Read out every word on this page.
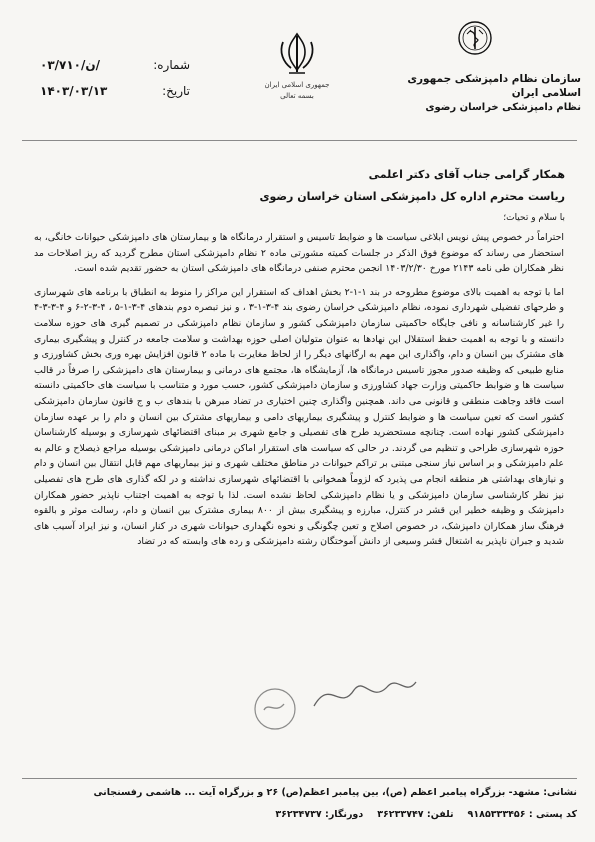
سازمان نظام دامپزشکی جمهوری اسلامی ایران
نظام دامپزشکی خراسان رضوی
جمهوری اسلامی ایران
بسمه تعالی
شماره:
۰۳/۷۱۰/ن/
تاریخ:
۱۴۰۳/۰۳/۱۳
همکار گرامی جناب آقای دکتر اعلمی
ریاست محترم اداره کل دامپزشکی استان خراسان رضوی
با سلام و تحیات؛

احتراماً در خصوص پیش نویس ابلاغی سیاست ها و ضوابط تاسیس و استقرار درمانگاه ها و بیمارستان های دامپزشکی حیوانات خانگی، به استحضار می رساند که موضوع فوق الذکر در جلسات کمیته مشورتی ماده ۲ نظام دامپزشکی استان مطرح گردید که ریز اصلاحات مد نظر همکاران طی نامه ۲۱۴۳ مورخ ۱۴۰۳/۲/۳۰ انجمن محترم صنفی درمانگاه های دامپزشکی استان به حضور تقدیم شده است.

اما با توجه به اهمیت بالای موضوع مطروحه در بند ۱-۱-۲ بخش اهداف که استقرار این مراکز را منوط به انطباق با برنامه های شهرسازی و طرحهای تفضیلی شهرداری نموده، نظام دامپزشکی خراسان رضوی بند ۴-۳-۱-۳ ، و نیز تبصره دوم بندهای ۴-۳-۱-۵ ، ۴-۳-۲-۶ و ۴-۳-۳-۴ را غیر کارشناسانه و نافی جایگاه حاکمیتی سازمان دامپزشکی کشور و سازمان نظام دامپزشکی در تصمیم گیری های حوزه سلامت دانسته و با توجه به اهمیت حفظ استقلال این نهادها به عنوان متولیان اصلی حوزه بهداشت و سلامت جامعه در کنترل و پیشگیری بیماری های مشترک بین انسان و دام، واگذاری این مهم به ارگانهای دیگر را از لحاظ مغایرت با ماده ۲ قانون افزایش بهره وری بخش کشاورزی و منابع طبیعی که وظیفه صدور مجوز تاسیس درمانگاه ها، آزمایشگاه ها، مجتمع های درمانی و بیمارستان های دامپزشکی را صرفاً در قالب سیاست ها و ضوابط حاکمیتی وزارت جهاد کشاورزی و سازمان دامپزشکی کشور، حسب مورد و متناسب با سیاست های حاکمیتی دانسته است فاقد وجاهت منطقی و قانونی می داند. همچنین واگذاری چنین اختیاری در تضاد مبرهن با بندهای ب و ج قانون سازمان دامپزشکی کشور است که تعین سیاست ها و ضوابط کنترل و پیشگیری بیماریهای دامی و بیماریهای مشترک بین انسان و دام را بر عهده سازمان دامپزشکی کشور نهاده است. چنانچه مستحضرید طرح های تفصیلی و جامع شهری بر مبنای اقتضائهای شهرسازی و بوسیله کارشناسان حوزه شهرسازی طراحی و تنظیم می گردند. در حالی که سیاست های استقرار اماکن درمانی دامپزشکی بوسیله مراجع ذیصلاح و عالم به علم دامپزشکی و بر اساس نیاز سنجی مبتنی بر تراکم حیوانات در مناطق مختلف شهری و نیز بیماریهای مهم قابل انتقال بین انسان و دام و نیازهای بهداشتی هر منطقه انجام می پذیرد که لزوماً همخوانی با اقتضائهای شهرسازی نداشته و در لکه گذاری های طرح های تفصیلی نیز نظر کارشناسی سازمان دامپزشکی و یا نظام دامپزشکی لحاظ نشده است. لذا با توجه به اهمیت اجتناب ناپذیر حضور همکاران دامپزشک و وظیفه خطیر این قشر در کنترل، مبارزه و پیشگیری بیش از ۸۰۰ بیماری مشترک بین انسان و دام، رسالت موثر و بالقوه فرهنگ ساز همکاران دامپزشک، در خصوص اصلاح و تعین چگونگی و نحوه نگهداری حیوانات شهری در کنار انسان، و نیز ایراد آسیب های شدید و جبران ناپذیر به اشتغال قشر وسیعی از دانش آموختگان رشته دامپزشکی و رده های وابسته که در تضاد

نشانی: مشهد- بزرگراه پیامبر اعظم (ص)، بین پیامبر اعظم(ص) ۲۶ و بزرگراه آیت ... هاشمی رفسنجانی
کد پستی : ۹۱۸۵۳۳۳۴۵۶
تلفن: ۳۶۲۳۳۷۴۷
دورنگار: ۳۶۲۳۴۷۳۷
